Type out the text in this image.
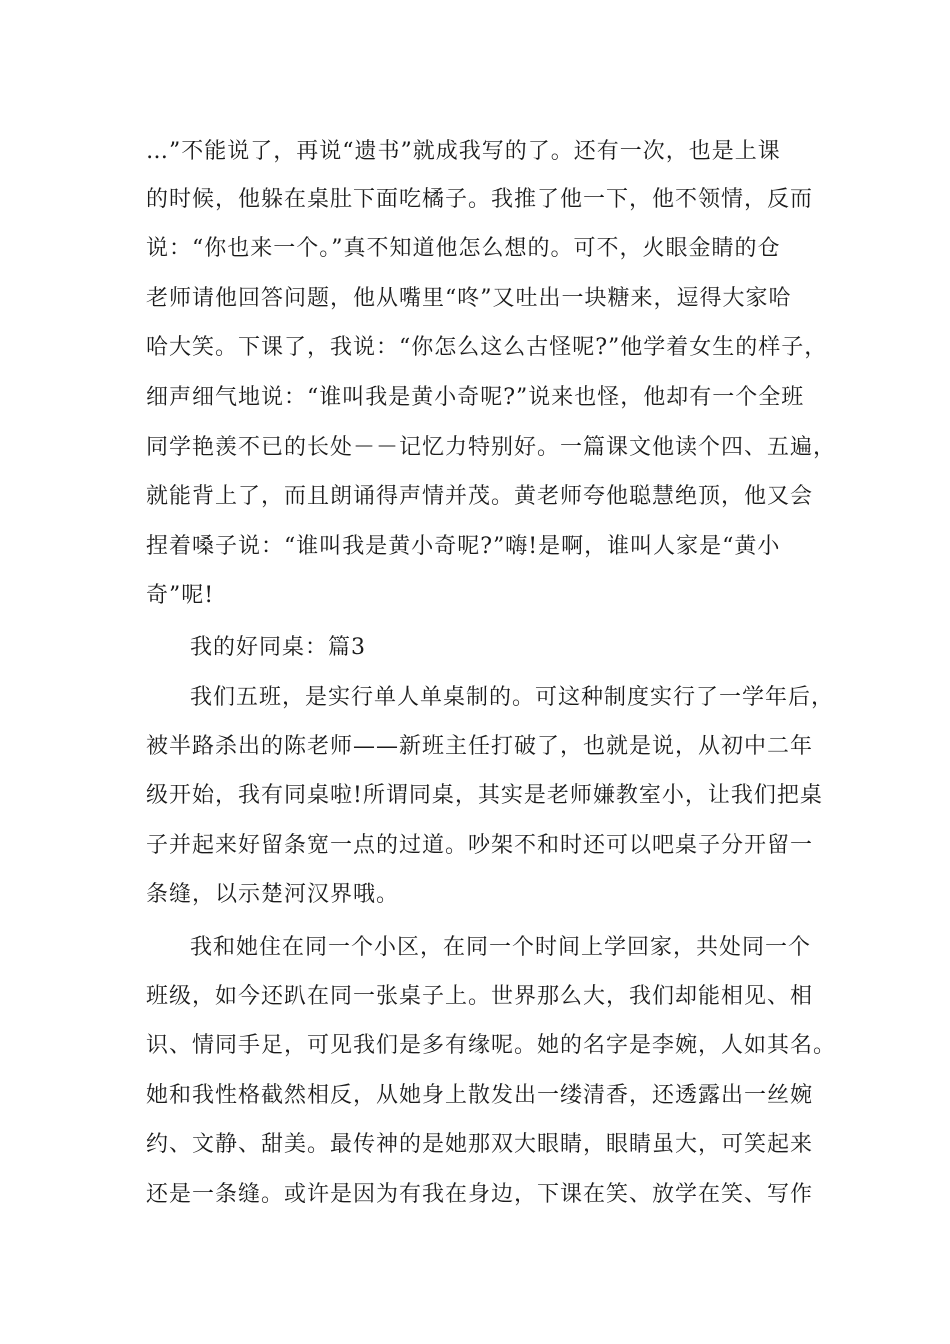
…”不能说了，再说“遗书”就成我写的了。还有一次，也是上课
的时候，他躲在桌肚下面吃橘子。我推了他一下，他不领情，反而
说：“你也来一个。”真不知道他怎么想的。可不，火眼金睛的仓
老师请他回答问题，他从嘴里“咚”又吐出一块糖来，逗得大家哈
哈大笑。下课了，我说：“你怎么这么古怪呢?”他学着女生的样子，
细声细气地说：“谁叫我是黄小奇呢?”说来也怪，他却有一个全班
同学艳羡不已的长处－－记忆力特别好。一篇课文他读个四、五遍，
就能背上了，而且朗诵得声情并茂。黄老师夸他聪慧绝顶，他又会
捏着嗓子说：“谁叫我是黄小奇呢?”嗨!是啊，谁叫人家是“黄小
奇”呢!
我的好同桌：篇3
我们五班，是实行单人单桌制的。可这种制度实行了一学年后，
被半路杀出的陈老师——新班主任打破了，也就是说，从初中二年
级开始，我有同桌啦!所谓同桌，其实是老师嫌教室小，让我们把桌
子并起来好留条宽一点的过道。吵架不和时还可以吧桌子分开留一
条缝，以示楚河汉界哦。
我和她住在同一个小区，在同一个时间上学回家，共处同一个
班级，如今还趴在同一张桌子上。世界那么大，我们却能相见、相
识、情同手足，可见我们是多有缘呢。她的名字是李婉，人如其名。
她和我性格截然相反，从她身上散发出一缕清香，还透露出一丝婉
约、文静、甜美。最传神的是她那双大眼睛，眼睛虽大，可笑起来
还是一条缝。或许是因为有我在身边，下课在笑、放学在笑、写作
